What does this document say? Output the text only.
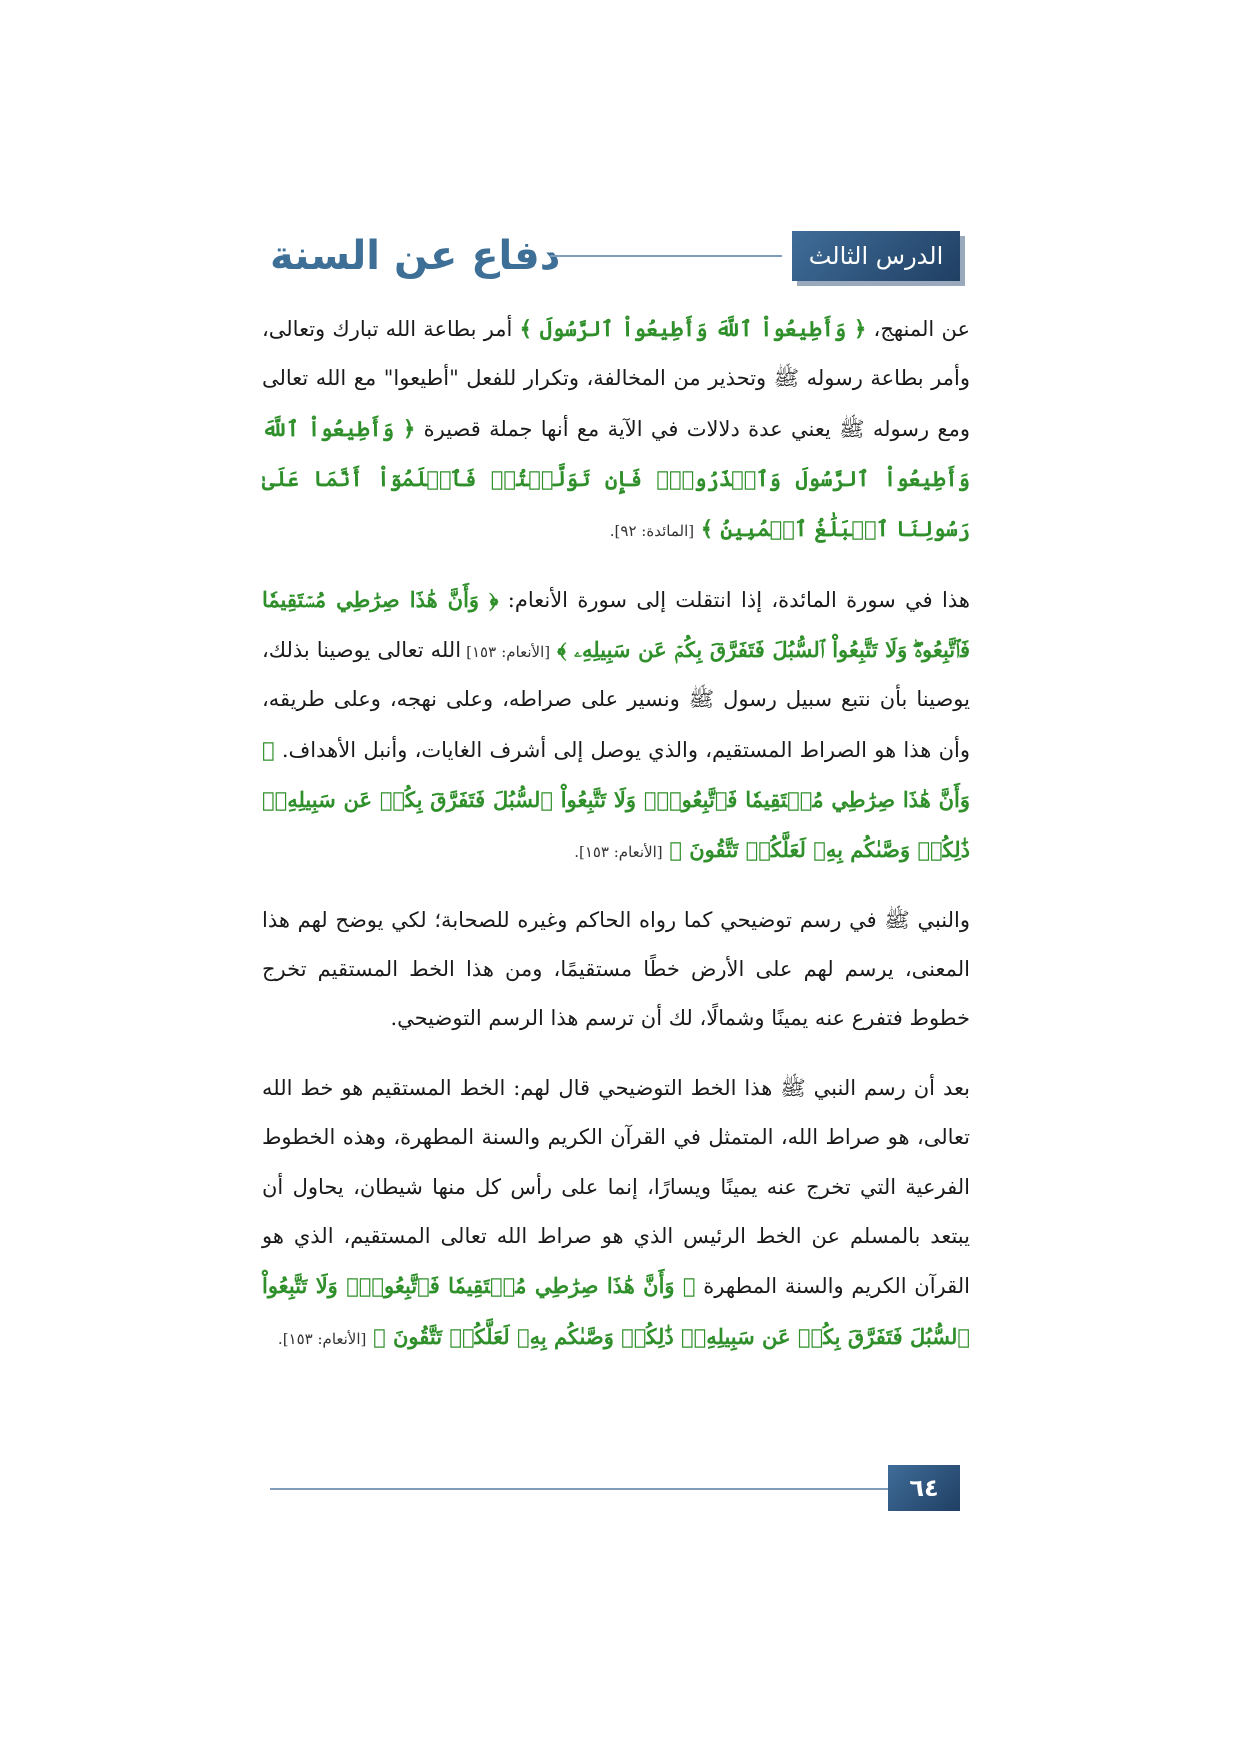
دفاع عن السنة	الدرس الثالث

عن المنهج، ﴿ وَأَطِيعُواْ ٱللَّهَ وَأَطِيعُواْ ٱلرَّسُولَ ﴾ أمر بطاعة الله تبارك وتعالى، وأمر بطاعة رسوله ﷺ وتحذير من المخالفة، وتكرار للفعل "أطيعوا" مع الله تعالى ومع رسوله ﷺ يعني عدة دلالات في الآية مع أنها جملة قصيرة ﴿ وَأَطِيعُواْ ٱللَّهَ وَأَطِيعُواْ ٱلرَّسُولَ وَٱحۡذَرُواْۚ فَإِن تَوَلَّيۡتُمۡ فَٱعۡلَمُوٓاْ أَنَّمَا عَلَىٰ رَسُولِنَا ٱلۡبَلَٰغُ ٱلۡمُبِينُ ﴾ [المائدة: ٩٢].

هذا في سورة المائدة، إذا انتقلت إلى سورة الأنعام: ﴿ وَأَنَّ هَٰذَا صِرَٰطِي مُسۡتَقِيمٗا فَٱتَّبِعُوهُۖ وَلَا تَتَّبِعُواْ ٱلسُّبُلَ فَتَفَرَّقَ بِكُمۡ عَن سَبِيلِهِۦ ﴾ [الأنعام: ١٥٣] الله تعالى يوصينا بذلك، يوصينا بأن نتبع سبيل رسول ﷺ ونسير على صراطه، وعلى نهجه، وعلى طريقه، وأن هذا هو الصراط المستقيم، والذي يوصل إلى أشرف الغايات، وأنبل الأهداف. ﴿ وَأَنَّ هَٰذَا صِرَٰطِي مُسۡتَقِيمٗا فَٱتَّبِعُوهُۖ وَلَا تَتَّبِعُواْ ٱلسُّبُلَ فَتَفَرَّقَ بِكُمۡ عَن سَبِيلِهِۦۚ ذَٰلِكُمۡ وَصَّىٰكُم بِهِۦ لَعَلَّكُمۡ تَتَّقُونَ ﴾ [الأنعام: ١٥٣].

والنبي ﷺ في رسم توضيحي كما رواه الحاكم وغيره للصحابة؛ لكي يوضح لهم هذا المعنى، يرسم لهم على الأرض خطًا مستقيمًا، ومن هذا الخط المستقيم تخرج خطوط فتفرع عنه يمينًا وشمالًا، لك أن ترسم هذا الرسم التوضيحي.

بعد أن رسم النبي ﷺ هذا الخط التوضيحي قال لهم: الخط المستقيم هو خط الله تعالى، هو صراط الله، المتمثل في القرآن الكريم والسنة المطهرة، وهذه الخطوط الفرعية التي تخرج عنه يمينًا ويسارًا، إنما على رأس كل منها شيطان، يحاول أن يبتعد بالمسلم عن الخط الرئيس الذي هو صراط الله تعالى المستقيم، الذي هو القرآن الكريم والسنة المطهرة ﴿ وَأَنَّ هَٰذَا صِرَٰطِي مُسۡتَقِيمٗا فَٱتَّبِعُوهُۖ وَلَا تَتَّبِعُواْ ٱلسُّبُلَ فَتَفَرَّقَ بِكُمۡ عَن سَبِيلِهِۦۚ ذَٰلِكُمۡ وَصَّىٰكُم بِهِۦ لَعَلَّكُمۡ تَتَّقُونَ ﴾ [الأنعام: ١٥٣].

٦٤
